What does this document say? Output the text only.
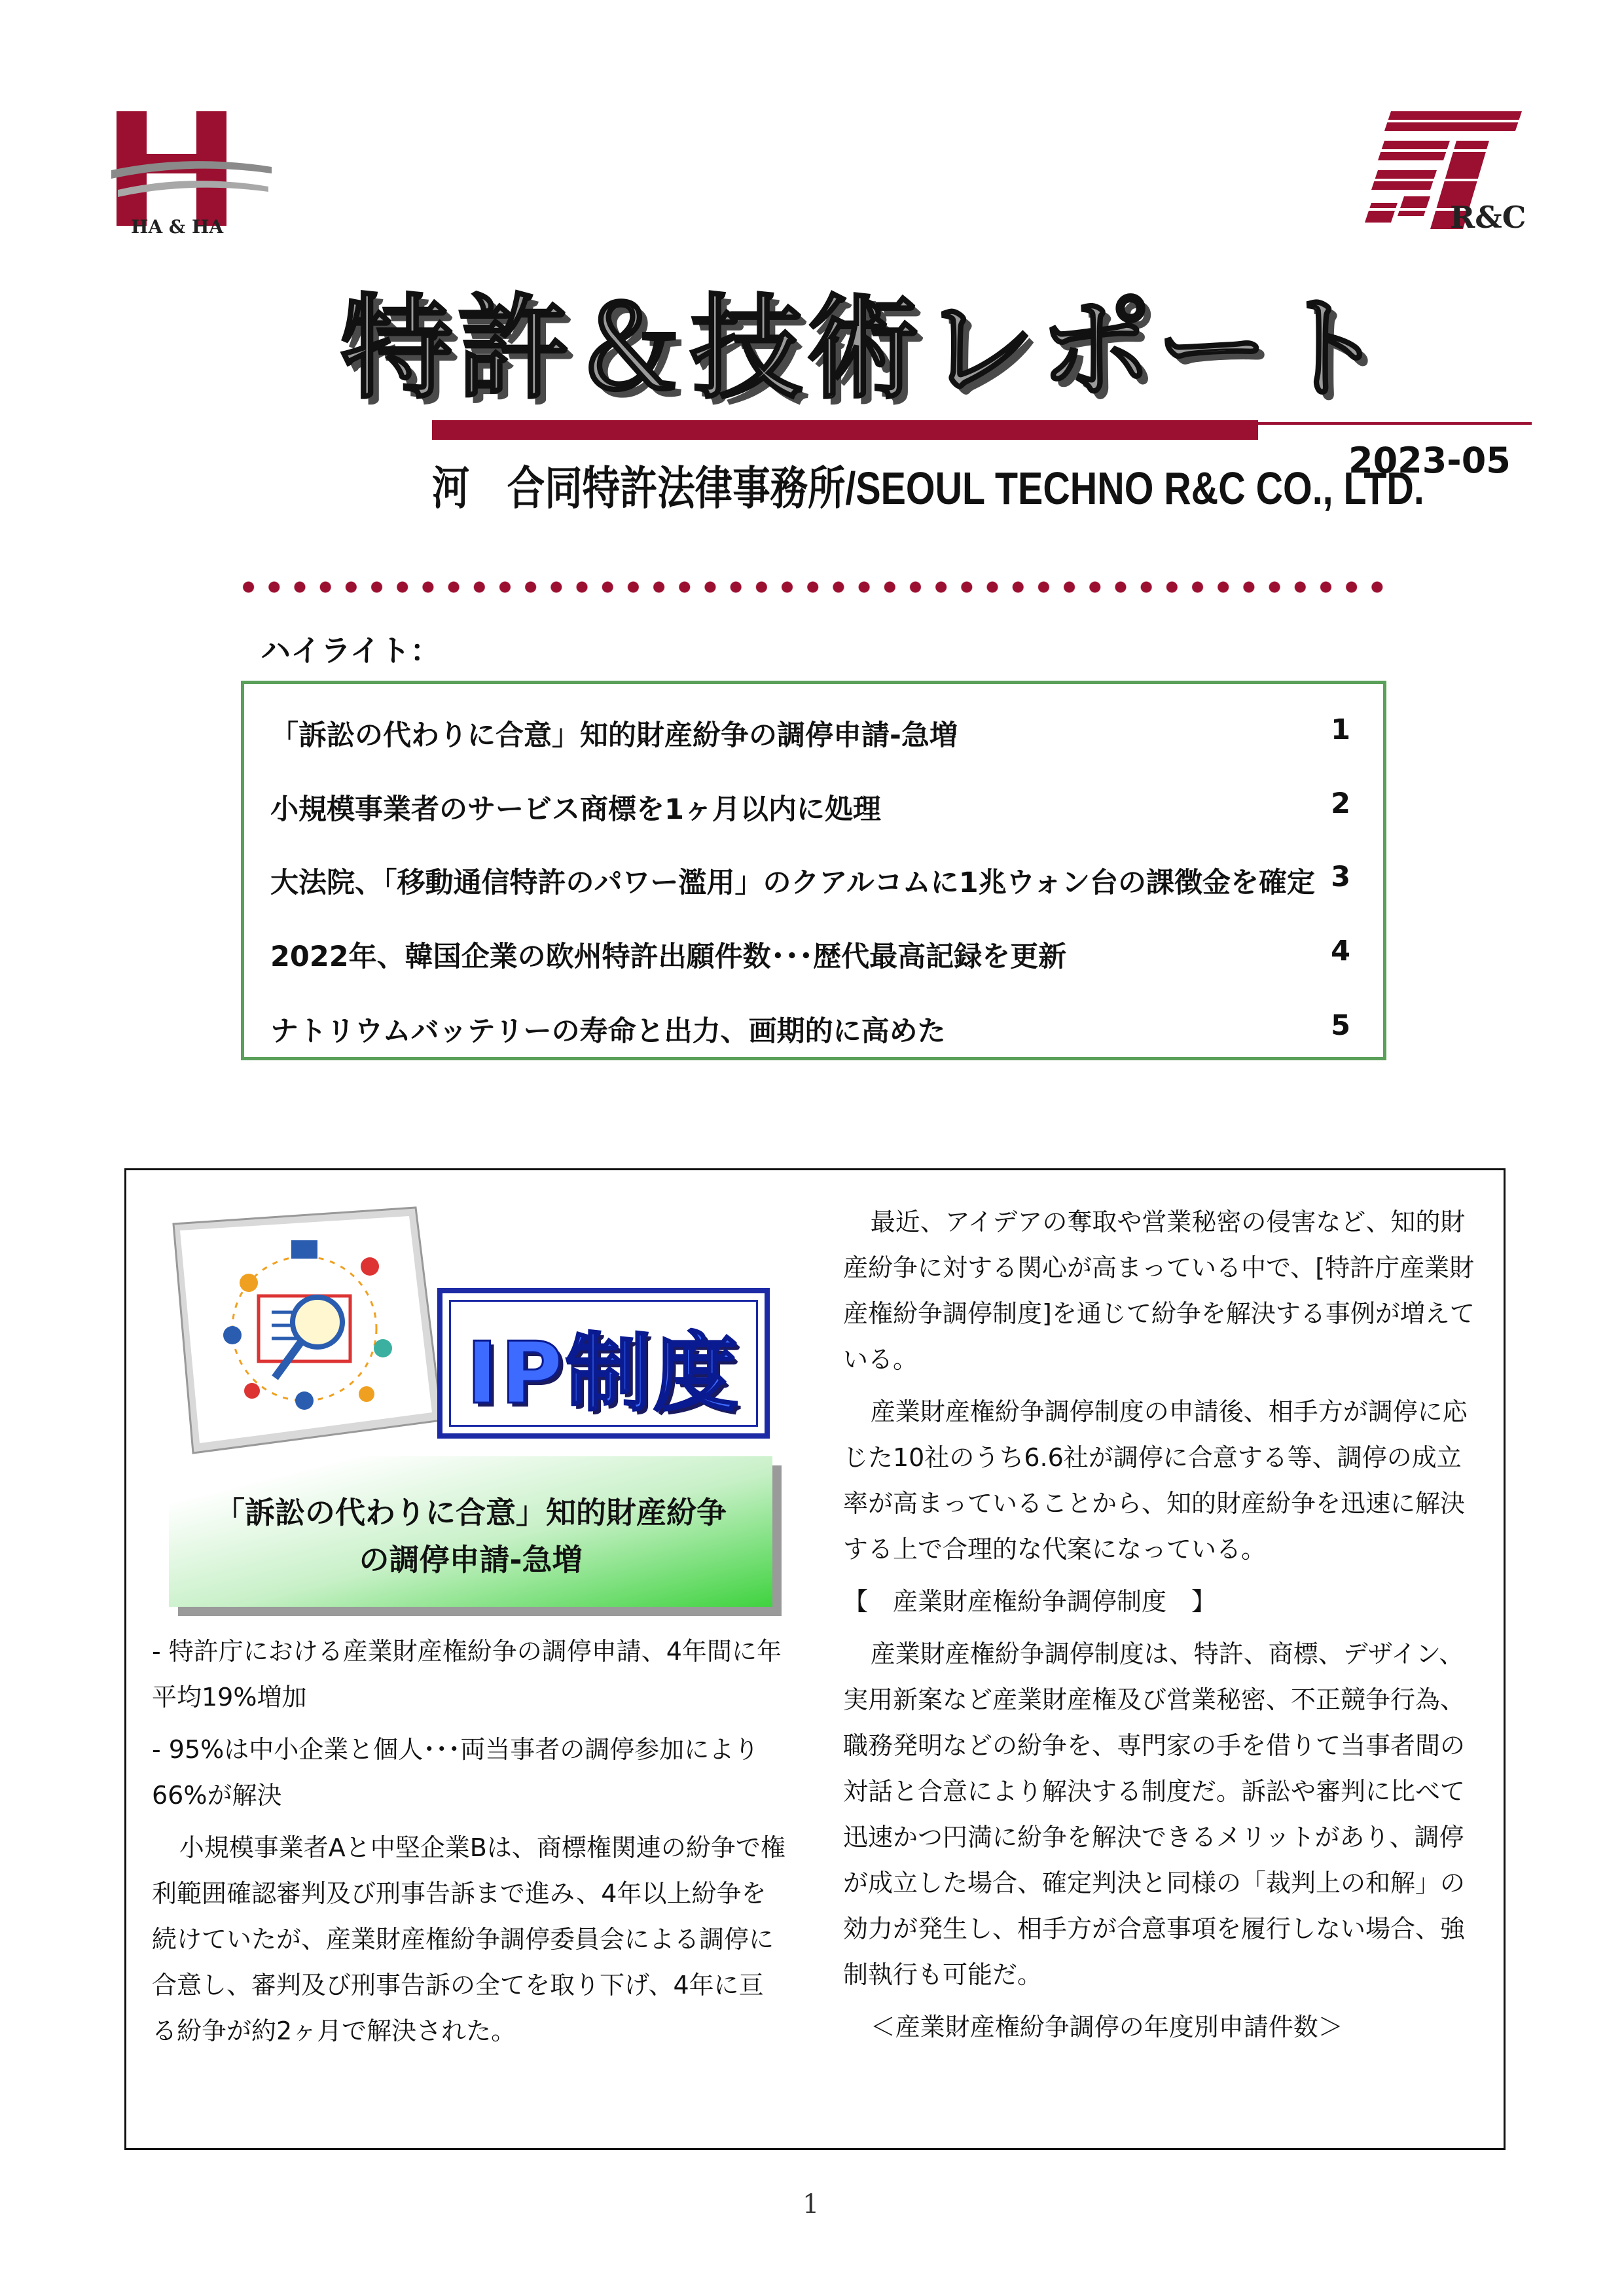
HA & HA	R&C
特許＆技術レポート
河　合同特許法律事務所/SEOUL TECHNO R&C CO., LTD.
2023-05
ハイライト：
「訴訟の代わりに合意」知的財産紛争の調停申請-急増	1
小規模事業者のサービス商標を1ヶ月以内に処理	2
大法院、「移動通信特許のパワー濫用」のクアルコムに1兆ウォン台の課徴金を確定 3
2022年、韓国企業の欧州特許出願件数･･･歴代最高記録を更新	4
ナトリウムバッテリーの寿命と出力、画期的に高めた	5
IP制度
「訴訟の代わりに合意」知的財産紛争
の調停申請-急増

- 特許庁における産業財産権紛争の調停申請、4年間に年平均19%増加

- 95%は中小企業と個人･･･両当事者の調停参加により66%が解決

小規模事業者Aと中堅企業Bは、商標権関連の紛争で権利範囲確認審判及び刑事告訴まで進み、4年以上紛争を続けていたが、産業財産権紛争調停委員会による調停に合意し、審判及び刑事告訴の全てを取り下げ、4年に亘る紛争が約2ヶ月で解決された。

最近、アイデアの奪取や営業秘密の侵害など、知的財産紛争に対する関心が高まっている中で、[特許庁産業財産権紛争調停制度]を通じて紛争を解決する事例が増えている。

産業財産権紛争調停制度の申請後、相手方が調停に応じた10社のうち6.6社が調停に合意する等、調停の成立率が高まっていることから、知的財産紛争を迅速に解決する上で合理的な代案になっている。

【　産業財産権紛争調停制度　】

産業財産権紛争調停制度は、特許、商標、デザイン、実用新案など産業財産権及び営業秘密、不正競争行為、職務発明などの紛争を、専門家の手を借りて当事者間の対話と合意により解決する制度だ。訴訟や審判に比べて迅速かつ円満に紛争を解決できるメリットがあり、調停が成立した場合、確定判決と同様の「裁判上の和解」の効力が発生し、相手方が合意事項を履行しない場合、強制執行も可能だ。

＜産業財産権紛争調停の年度別申請件数＞

1
